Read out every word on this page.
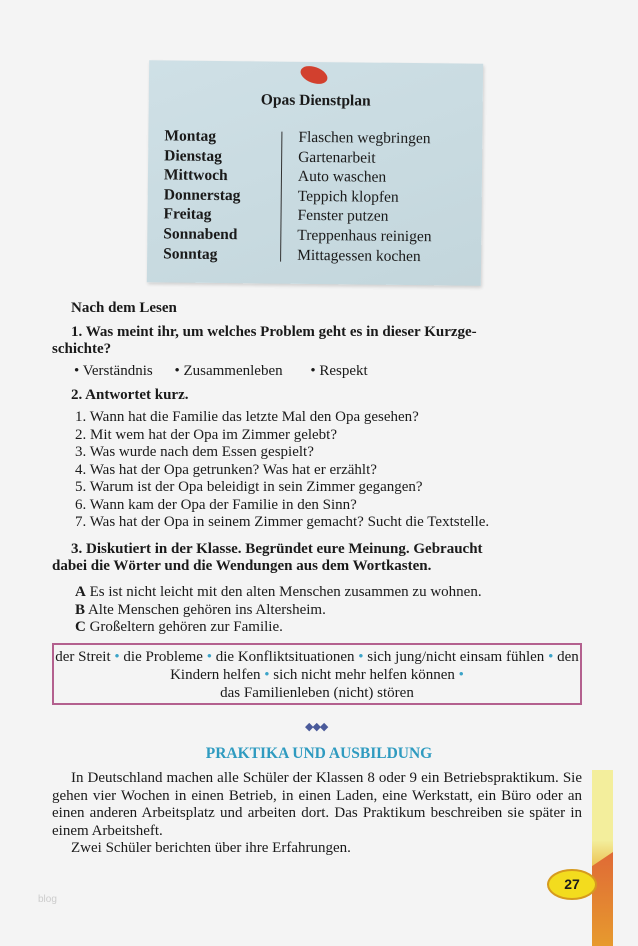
Opas Dienstplan
Montag
Dienstag
Mittwoch
Donnerstag
Freitag
Sonnabend
Sonntag
Flaschen wegbringen
Gartenarbeit
Auto waschen
Teppich klopfen
Fenster putzen
Treppenhaus reinigen
Mittagessen kochen
Nach dem Lesen
1. Was meint ihr, um welches Problem geht es in dieser Kurzge-
schichte?
• Verständnis • Zusammenleben • Respekt
2. Antwortet kurz.
1. Wann hat die Familie das letzte Mal den Opa gesehen?
2. Mit wem hat der Opa im Zimmer gelebt?
3. Was wurde nach dem Essen gespielt?
4. Was hat der Opa getrunken? Was hat er erzählt?
5. Warum ist der Opa beleidigt in sein Zimmer gegangen?
6. Wann kam der Opa der Familie in den Sinn?
7. Was hat der Opa in seinem Zimmer gemacht? Sucht die Textstelle.
3. Diskutiert in der Klasse. Begründet eure Meinung. Gebraucht
dabei die Wörter und die Wendungen aus dem Wortkasten.
A Es ist nicht leicht mit den alten Menschen zusammen zu wohnen.
B Alte Menschen gehören ins Altersheim.
C Großeltern gehören zur Familie.
der Streit • die Probleme • die Konfliktsituationen • sich jung/nicht einsam fühlen • den Kindern helfen • sich nicht mehr helfen können •
das Familienleben (nicht) stören
◆◆◆
PRAKTIKA UND AUSBILDUNG
In Deutschland machen alle Schüler der Klassen 8 oder 9 ein Betriebspraktikum. Sie gehen vier Wochen in einen Betrieb, in einen Laden, eine Werkstatt, ein Büro oder an einen anderen Arbeitsplatz und arbeiten dort. Das Praktikum beschreiben sie später in einem Arbeitsheft.
Zwei Schüler berichten über ihre Erfahrungen.
27
blog
